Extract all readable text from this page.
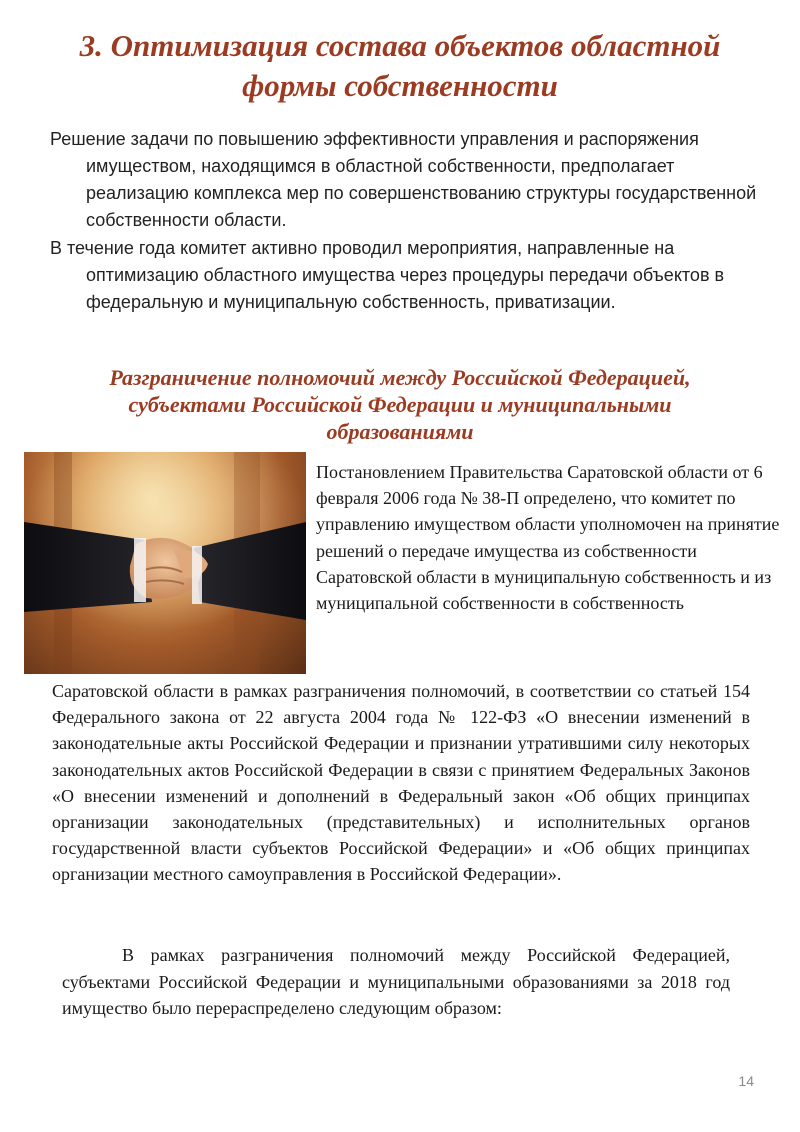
3. Оптимизация состава объектов областной формы собственности

Решение задачи по повышению эффективности управления и распоряжения имуществом, находящимся в областной собственности, предполагает реализацию комплекса мер по совершенствованию структуры государственной собственности области.

В течение года комитет активно проводил мероприятия, направленные на оптимизацию областного имущества через процедуры передачи объектов в федеральную и муниципальную собственность, приватизации.

Разграничение полномочий между Российской Федерацией, субъектами Российской Федерации и муниципальными образованиями

Постановлением Правительства Саратовской области от 6 февраля 2006 года № 38-П определено, что комитет по управлению имуществом области уполномочен на принятие решений о передаче имущества из собственности Саратовской области в муниципальную собственность и из муниципальной собственности в собственность

Саратовской области в рамках разграничения полномочий, в соответствии со статьей 154 Федерального закона от 22 августа 2004 года № 122-ФЗ «О внесении изменений в законодательные акты Российской Федерации и признании утратившими силу некоторых законодательных актов Российской Федерации в связи с принятием Федеральных Законов «О внесении изменений и дополнений в Федеральный закон «Об общих принципах организации законодательных (представительных) и исполнительных органов государственной власти субъектов Российской Федерации» и «Об общих принципах организации местного самоуправления в Российской Федерации».

В рамках разграничения полномочий между Российской Федерацией, субъектами Российской Федерации и муниципальными образованиями за 2018 год имущество было перераспределено следующим образом:

14
